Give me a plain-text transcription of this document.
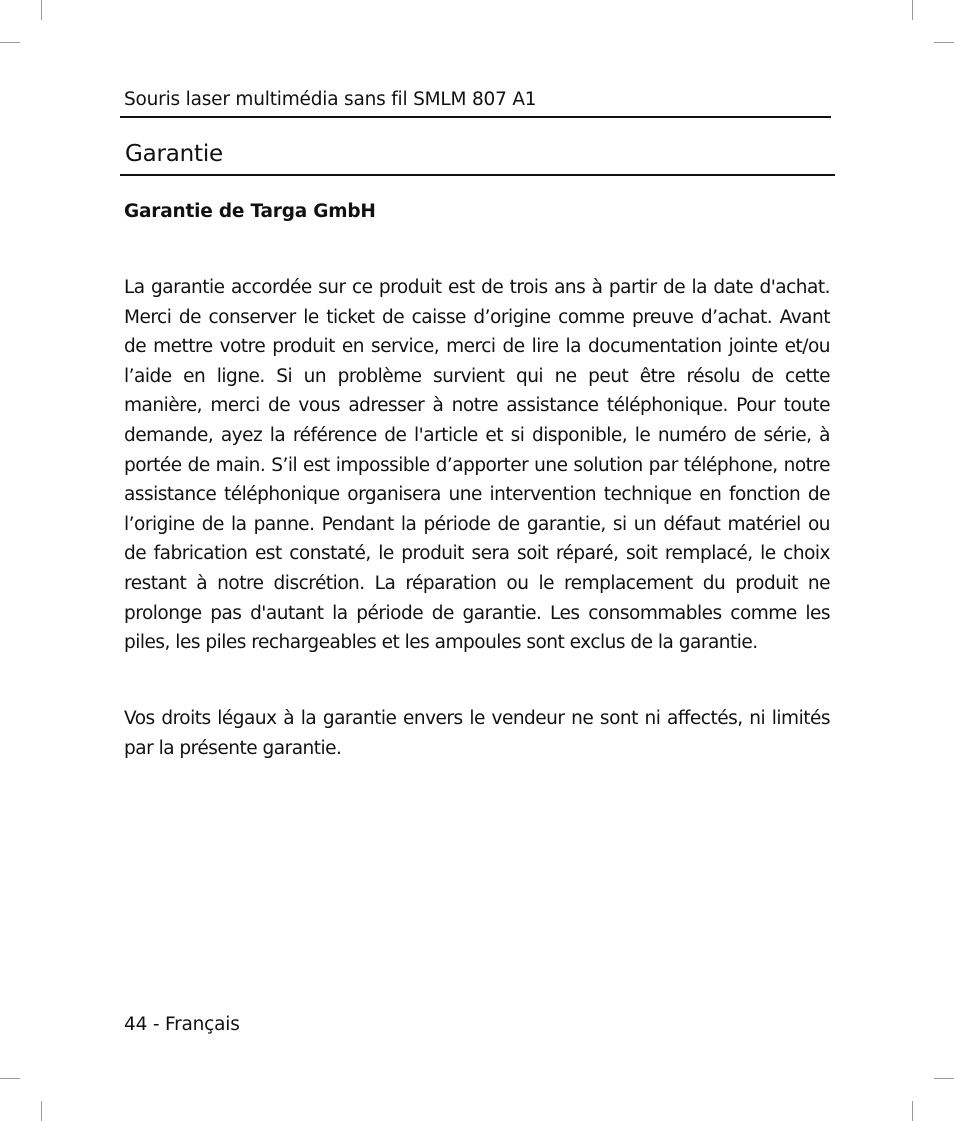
Souris laser multimédia sans fil SMLM 807 A1
Garantie
Garantie de Targa GmbH
La garantie accordée sur ce produit est de trois ans à partir de la date d'achat.
Merci de conserver le ticket de caisse d’origine comme preuve d’achat. Avant
de mettre votre produit en service, merci de lire la documentation jointe et/ou
l’aide en ligne. Si un problème survient qui ne peut être résolu de cette
manière, merci de vous adresser à notre assistance téléphonique. Pour toute
demande, ayez la référence de l'article et si disponible, le numéro de série, à
portée de main. S’il est impossible d’apporter une solution par téléphone, notre
assistance téléphonique organisera une intervention technique en fonction de
l’origine de la panne. Pendant la période de garantie, si un défaut matériel ou
de fabrication est constaté, le produit sera soit réparé, soit remplacé, le choix
restant à notre discrétion. La réparation ou le remplacement du produit ne
prolonge pas d'autant la période de garantie. Les consommables comme les
piles, les piles rechargeables et les ampoules sont exclus de la garantie.
Vos droits légaux à la garantie envers le vendeur ne sont ni affectés, ni limités
par la présente garantie.
44 - Français
